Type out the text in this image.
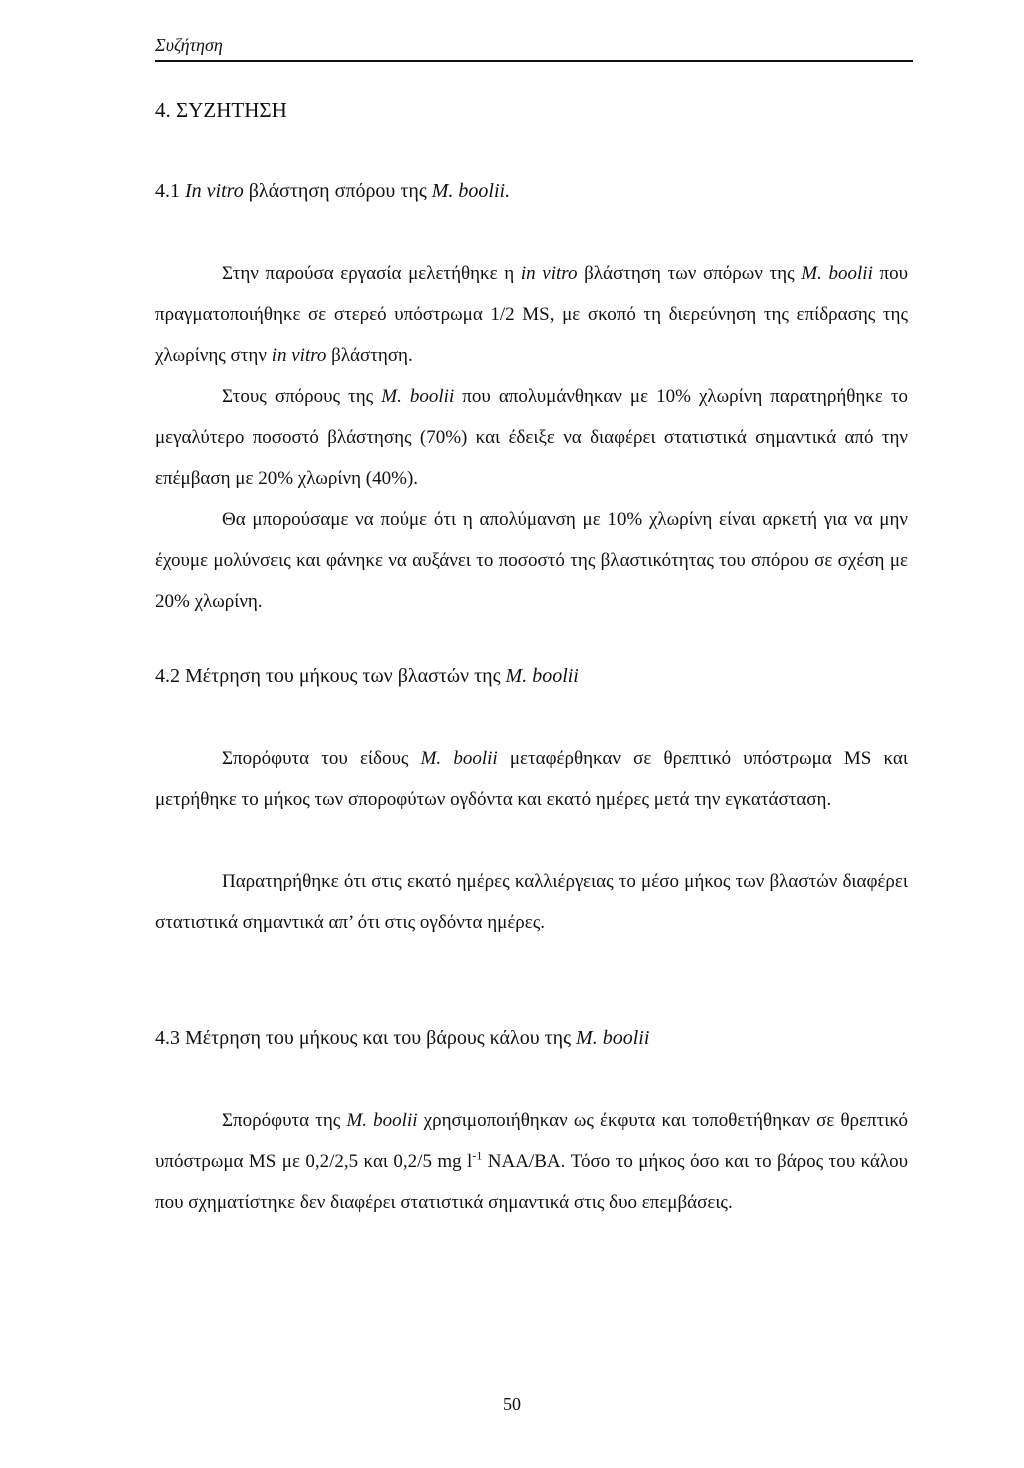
Συζήτηση
4. ΣΥΖΗΤΗΣΗ
4.1 In vitro βλάστηση σπόρου της M. boolii.

Στην παρούσα εργασία μελετήθηκε η in vitro βλάστηση των σπόρων της M. boolii που πραγματοποιήθηκε σε στερεό υπόστρωμα 1/2 MS, με σκοπό τη διερεύνηση της επίδρασης της χλωρίνης στην in vitro βλάστηση.

Στους σπόρους της M. boolii που απολυμάνθηκαν με 10% χλωρίνη παρατηρήθηκε το μεγαλύτερο ποσοστό βλάστησης (70%) και έδειξε να διαφέρει στατιστικά σημαντικά από την επέμβαση με 20% χλωρίνη (40%).

Θα μπορούσαμε να πούμε ότι η απολύμανση με 10% χλωρίνη είναι αρκετή για να μην έχουμε μολύνσεις και φάνηκε να αυξάνει το ποσοστό της βλαστικότητας του σπόρου σε σχέση με 20% χλωρίνη.

4.2 Μέτρηση του μήκους των βλαστών της M. boolii

Σπορόφυτα του είδους M. boolii μεταφέρθηκαν σε θρεπτικό υπόστρωμα MS και μετρήθηκε το μήκος των σποροφύτων ογδόντα και εκατό ημέρες μετά την εγκατάσταση.

Παρατηρήθηκε ότι στις εκατό ημέρες καλλιέργειας το μέσο μήκος των βλαστών διαφέρει στατιστικά σημαντικά απ’ ότι στις ογδόντα ημέρες.

4.3 Μέτρηση του μήκους και του βάρους κάλου της M. boolii

Σπορόφυτα της M. boolii χρησιμοποιήθηκαν ως έκφυτα και τοποθετήθηκαν σε θρεπτικό υπόστρωμα MS με 0,2/2,5 και 0,2/5 mg $l^{-1}$ NAA/BA. Τόσο το μήκος όσο και το βάρος του κάλου που σχηματίστηκε δεν διαφέρει στατιστικά σημαντικά στις δυο επεμβάσεις.

50
